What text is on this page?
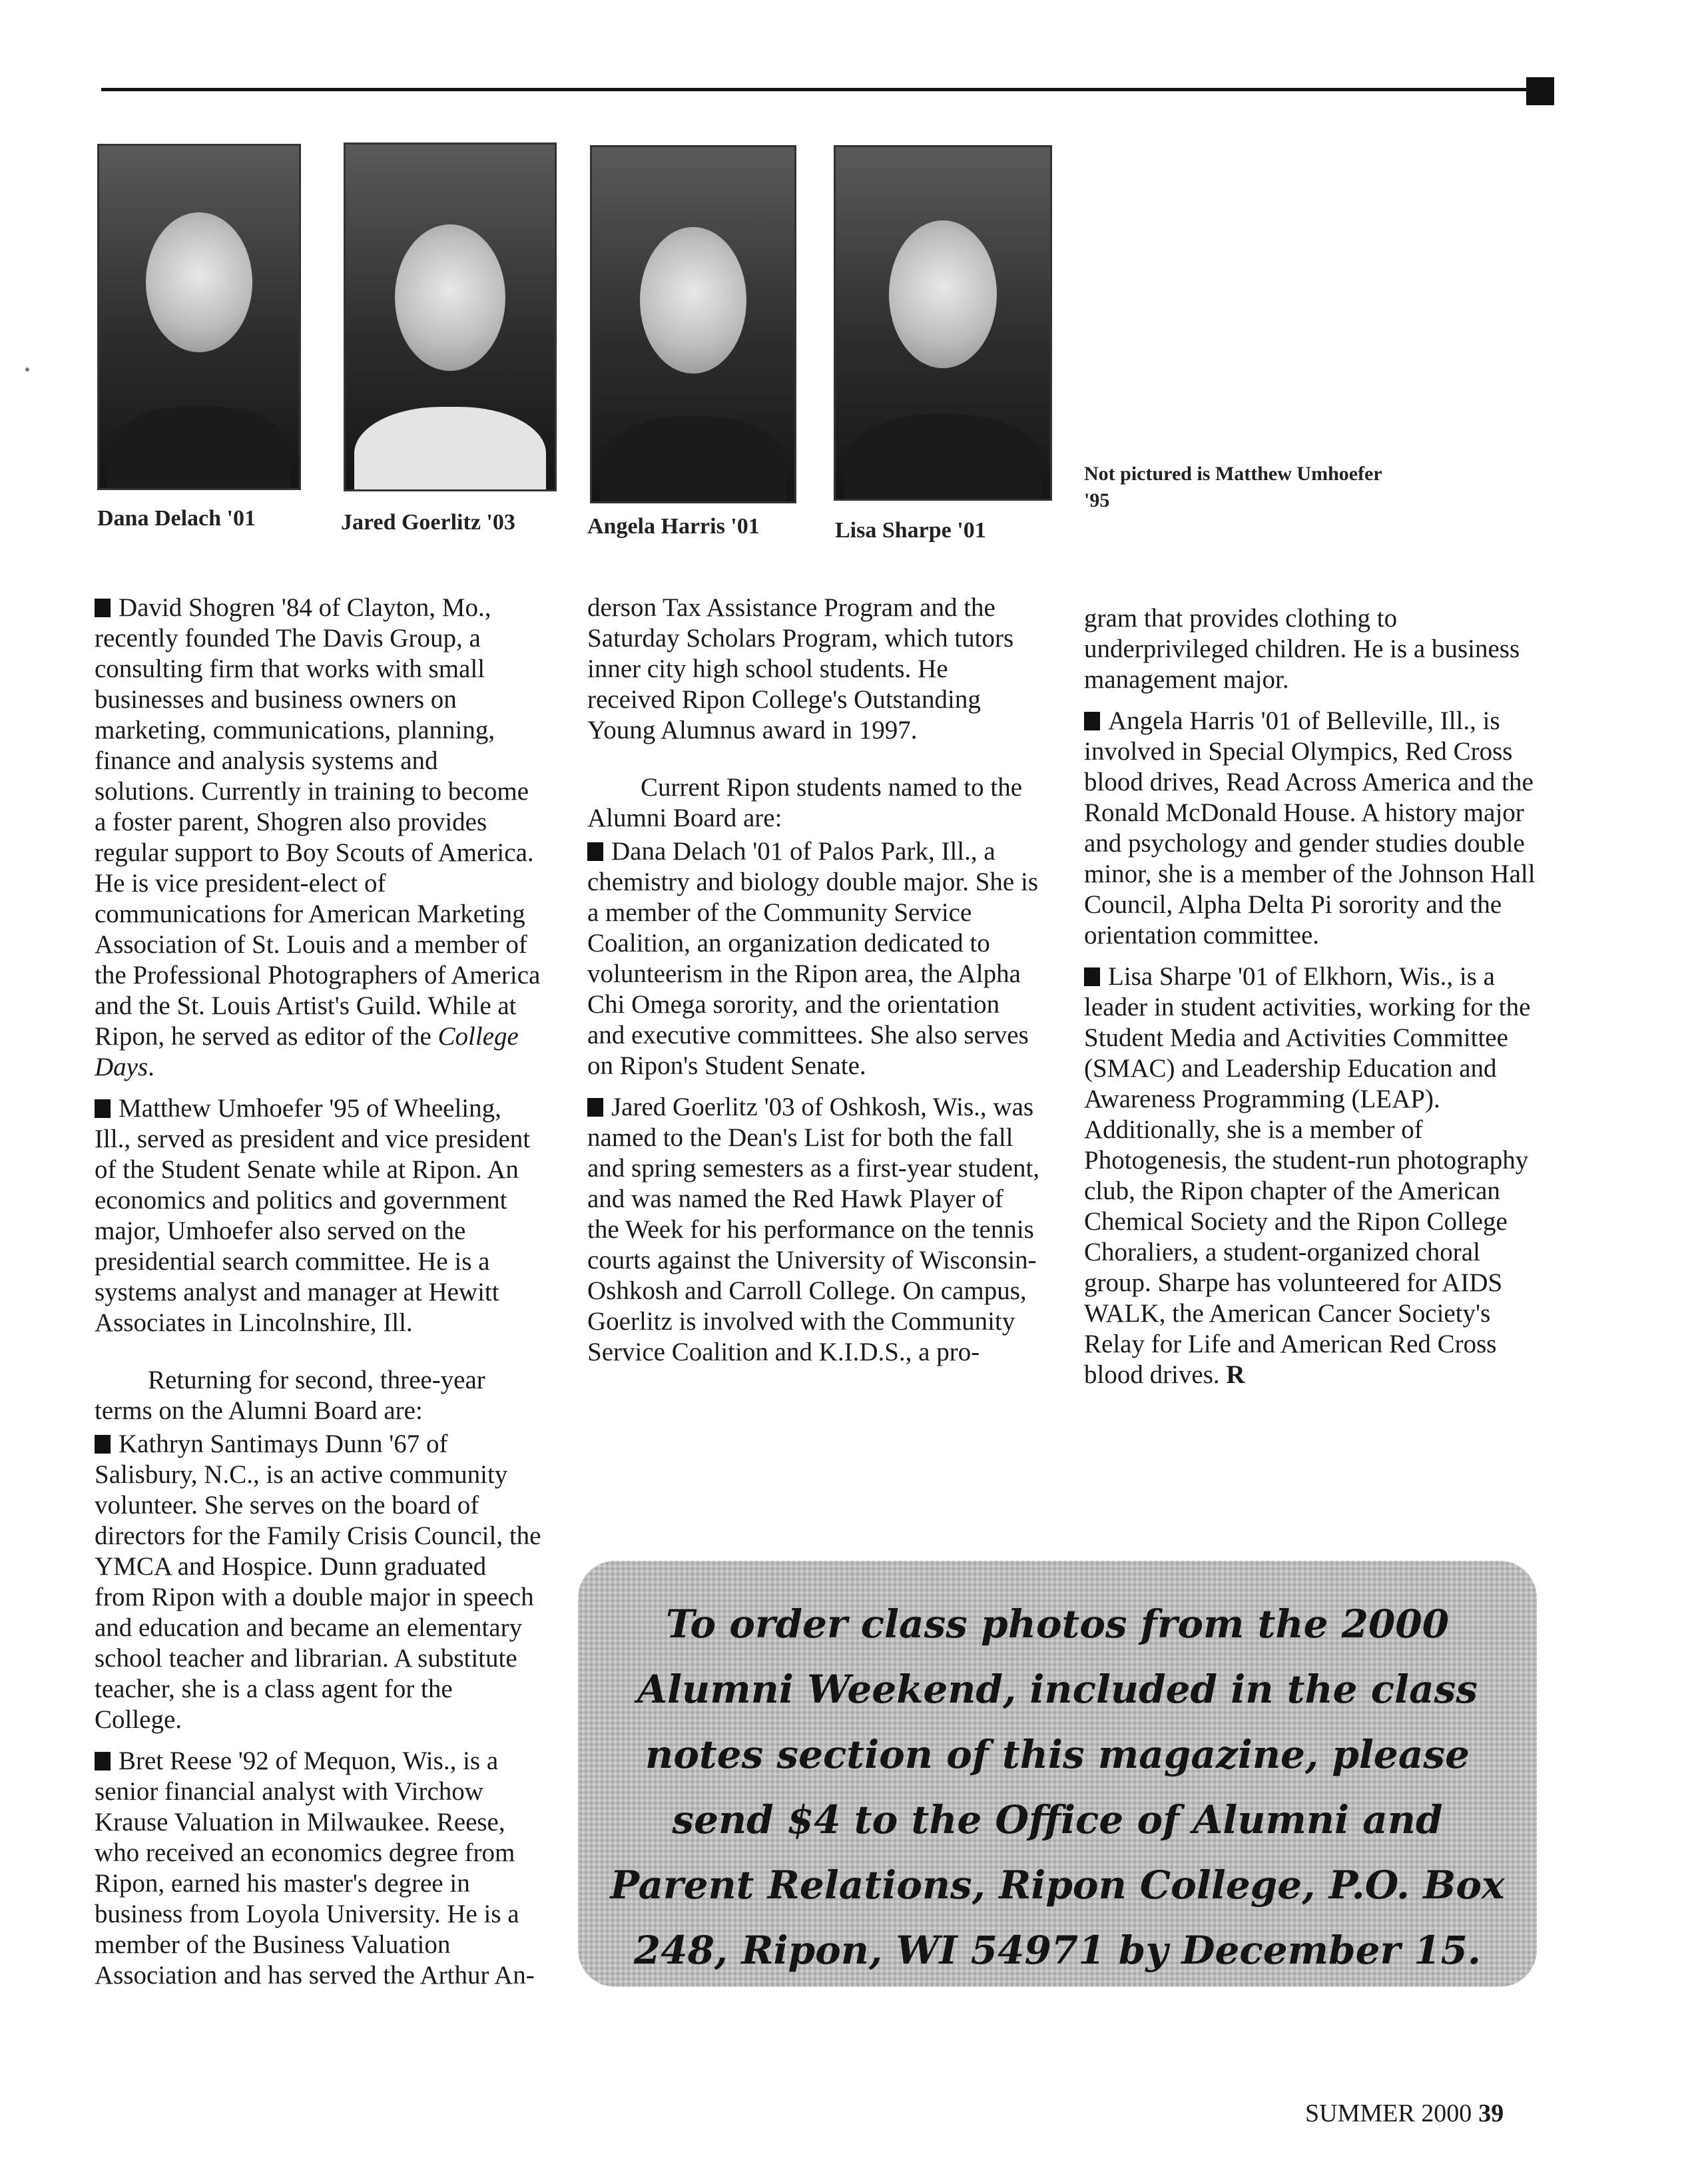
Dana Delach '01	Jared Goerlitz '03	Angela Harris '01	Lisa Sharpe '01
Not pictured is Matthew Umhoefer '95

David Shogren '84 of Clayton, Mo., recently founded The Davis Group, a consulting firm that works with small businesses and business owners on marketing, communications, planning, finance and analysis systems and solutions. Currently in training to become a foster parent, Shogren also provides regular support to Boy Scouts of America. He is vice president-elect of communications for American Marketing Association of St. Louis and a member of the Professional Photographers of America and the St. Louis Artist's Guild. While at Ripon, he served as editor of the College Days.

Matthew Umhoefer '95 of Wheeling, Ill., served as president and vice president of the Student Senate while at Ripon. An economics and politics and government major, Umhoefer also served on the presidential search committee. He is a systems analyst and manager at Hewitt Associates in Lincolnshire, Ill.

Returning for second, three-year terms on the Alumni Board are:

Kathryn Santimays Dunn '67 of Salisbury, N.C., is an active community volunteer. She serves on the board of directors for the Family Crisis Council, the YMCA and Hospice. Dunn graduated from Ripon with a double major in speech and education and became an elementary school teacher and librarian. A substitute teacher, she is a class agent for the College.

Bret Reese '92 of Mequon, Wis., is a senior financial analyst with Virchow Krause Valuation in Milwaukee. Reese, who received an economics degree from Ripon, earned his master's degree in business from Loyola University. He is a member of the Business Valuation Association and has served the Arthur An-

derson Tax Assistance Program and the Saturday Scholars Program, which tutors inner city high school students. He received Ripon College's Outstanding Young Alumnus award in 1997.

Current Ripon students named to the Alumni Board are:

Dana Delach '01 of Palos Park, Ill., a chemistry and biology double major. She is a member of the Community Service Coalition, an organization dedicated to volunteerism in the Ripon area, the Alpha Chi Omega sorority, and the orientation and executive committees. She also serves on Ripon's Student Senate.

Jared Goerlitz '03 of Oshkosh, Wis., was named to the Dean's List for both the fall and spring semesters as a first-year student, and was named the Red Hawk Player of the Week for his performance on the tennis courts against the University of Wisconsin-Oshkosh and Carroll College. On campus, Goerlitz is involved with the Community Service Coalition and K.I.D.S., a pro-

gram that provides clothing to underprivileged children. He is a business management major.

Angela Harris '01 of Belleville, Ill., is involved in Special Olympics, Red Cross blood drives, Read Across America and the Ronald McDonald House. A history major and psychology and gender studies double minor, she is a member of the Johnson Hall Council, Alpha Delta Pi sorority and the orientation committee.

Lisa Sharpe '01 of Elkhorn, Wis., is a leader in student activities, working for the Student Media and Activities Committee (SMAC) and Leadership Education and Awareness Programming (LEAP). Additionally, she is a member of Photogenesis, the student-run photography club, the Ripon chapter of the American Chemical Society and the Ripon College Choraliers, a student-organized choral group. Sharpe has volunteered for AIDS WALK, the American Cancer Society's Relay for Life and American Red Cross blood drives. R

To order class photos from the 2000 Alumni Weekend, included in the class notes section of this magazine, please send $4 to the Office of Alumni and Parent Relations, Ripon College, P.O. Box 248, Ripon, WI 54971 by December 15.
SUMMER 2000 39
